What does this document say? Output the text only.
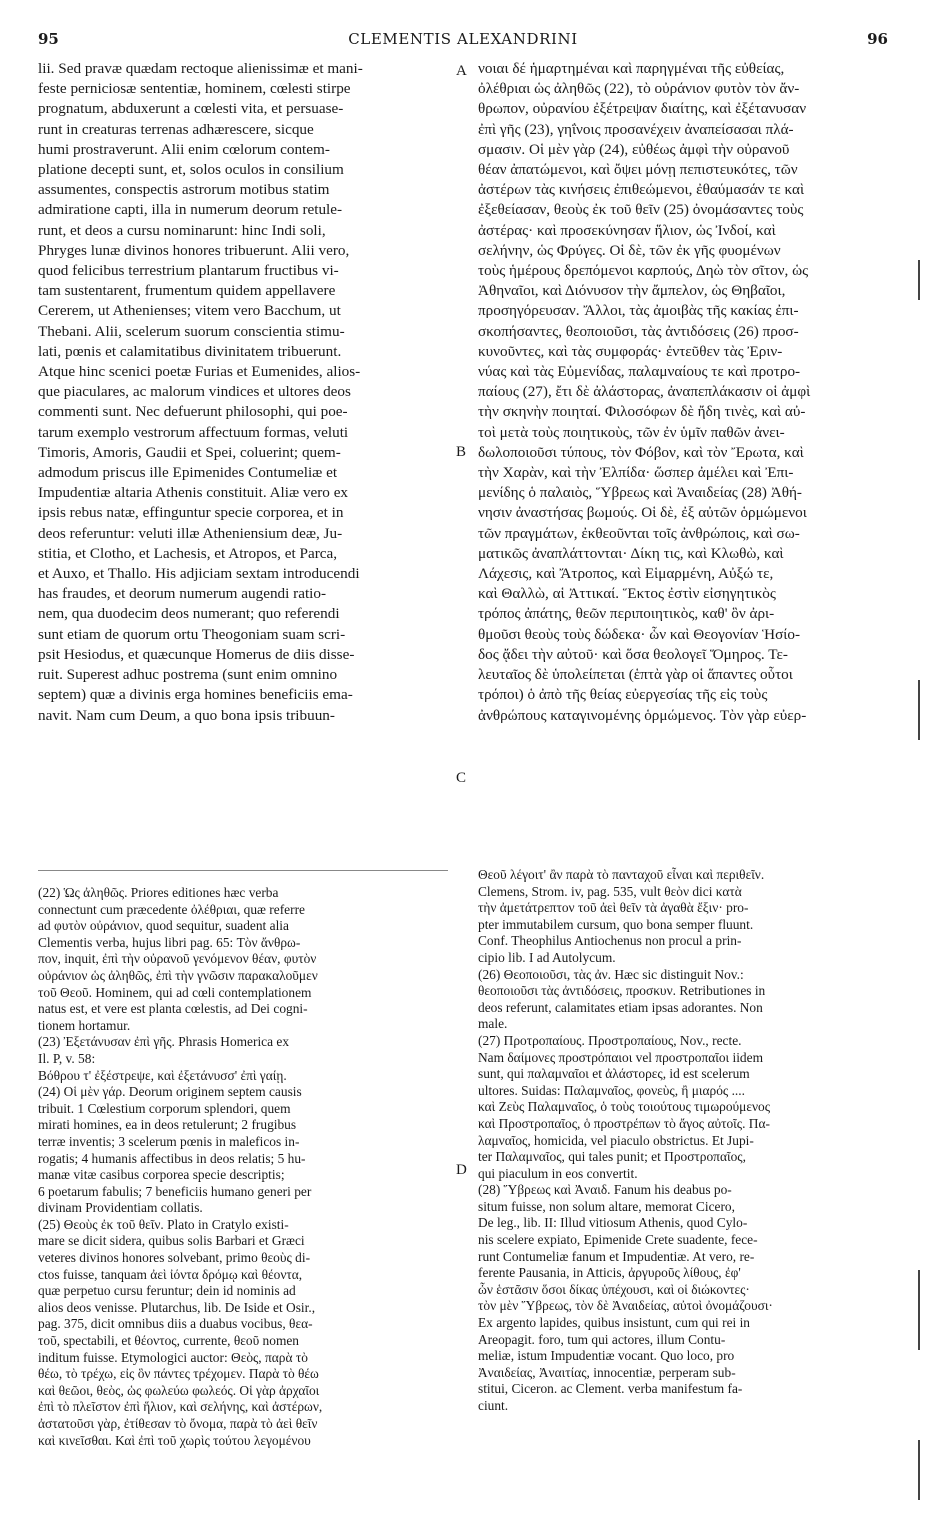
95	CLEMENTIS ALEXANDRINI	96
lii. Sed pravæ quædam rectoque alienissimæ et mani-
feste perniciosæ sententiæ, hominem, cœlesti stirpe
prognatum, abduxerunt a cœlesti vita, et persuase-
runt in creaturas terrenas adhærescere, sicque
humi prostraverunt. Alii enim cœlorum contem-
platione decepti sunt, et, solos oculos in consilium
assumentes, conspectis astrorum motibus statim
admiratione capti, illa in numerum deorum retule-
runt, et deos a cursu nominarunt: hinc Indi soli,
Phryges lunæ divinos honores tribuerunt. Alii vero,
quod felicibus terrestrium plantarum fructibus vi-
tam sustentarent, frumentum quidem appellavere
Cererem, ut Athenienses; vitem vero Bacchum, ut
Thebani. Alii, scelerum suorum conscientia stimu-
lati, pœnis et calamitatibus divinitatem tribuerunt.
Atque hinc scenici poetæ Furias et Eumenides, alios-
que piaculares, ac malorum vindices et ultores deos
commenti sunt. Nec defuerunt philosophi, qui poe-
tarum exemplo vestrorum affectuum formas, veluti
Timoris, Amoris, Gaudii et Spei, coluerint; quem-
admodum priscus ille Epimenides Contumeliæ et
Impudentiæ altaria Athenis constituit. Aliæ vero ex
ipsis rebus natæ, effinguntur specie corporea, et in
deos referuntur: veluti illæ Atheniensium deæ, Ju-
stitia, et Clotho, et Lachesis, et Atropos, et Parca,
et Auxo, et Thallo. His adjiciam sextam introducendi
has fraudes, et deorum numerum augendi ratio-
nem, qua duodecim deos numerant; quo referendi
sunt etiam de quorum ortu Theogoniam suam scri-
psit Hesiodus, et quæcunque Homerus de diis disse-
ruit. Superest adhuc postrema (sunt enim omnino
septem) quæ a divinis erga homines beneficiis ema-
navit. Nam cum Deum, a quo bona ipsis tribuun-
νοιαι δέ ἡμαρτημέναι καὶ παρηγμέναι τῆς εὐθείας,
ὀλέθριαι ὡς ἀληθῶς (22), τὸ οὐράνιον φυτὸν τὸν ἄν-
θρωπον, οὐρανίου ἐξέτρεψαν διαίτης, καὶ ἐξέτανυσαν
ἐπὶ γῆς (23), γηΐνοις προσανέχειν ἀναπείσασαι πλά-
σμασιν. Οἱ μὲν γὰρ (24), εὐθέως ἀμφὶ τὴν οὐρανοῦ
θέαν ἀπατώμενοι, καὶ ὄψει μόνῃ πεπιστευκότες, τῶν
ἀστέρων τὰς κινήσεις ἐπιθεώμενοι, ἐθαύμασάν τε καὶ
ἐξεθείασαν, θεοὺς ἐκ τοῦ θεῖν (25) ὀνομάσαντες τοὺς
ἀστέρας· καὶ προσεκύνησαν ἥλιον, ὡς Ἰνδοί, καὶ
σελήνην, ὡς Φρύγες. Οἱ δὲ, τῶν ἐκ γῆς φυομένων
τοὺς ἡμέρους δρεπόμενοι καρπούς, Δηὼ τὸν σῖτον, ὡς
Ἀθηναῖοι, καὶ Διόνυσον τὴν ἄμπελον, ὡς Θηβαῖοι,
προσηγόρευσαν. Ἄλλοι, τὰς ἀμοιβὰς τῆς κακίας ἐπι-
σκοπήσαντες, θεοποιοῦσι, τὰς ἀντιδόσεις (26) προσ-
κυνοῦντες, καὶ τὰς συμφοράς· ἐντεῦθεν τὰς Ἐριν-
νύας καὶ τὰς Εὐμενίδας, παλαμναίους τε καὶ προτρο-
παίους (27), ἔτι δὲ ἀλάστορας, ἀναπεπλάκασιν οἱ ἀμφὶ
τὴν σκηνὴν ποιηταί. Φιλοσόφων δὲ ἤδη τινὲς, καὶ αὐ-
τοὶ μετὰ τοὺς ποιητικοὺς, τῶν ἐν ὑμῖν παθῶν ἀνει-
δωλοποιοῦσι τύπους, τὸν Φόβον, καὶ τὸν Ἔρωτα, καὶ
τὴν Χαρὰν, καὶ τὴν Ἐλπίδα· ὥσπερ ἀμέλει καὶ Ἐπι-
μενίδης ὁ παλαιὸς, Ὕβρεως καὶ Ἀναιδείας (28) Ἀθή-
νησιν ἀναστήσας βωμούς. Οἱ δὲ, ἐξ αὐτῶν ὁρμώμενοι
τῶν πραγμάτων, ἐκθεοῦνται τοῖς ἀνθρώποις, καὶ σω-
ματικῶς ἀναπλάττονται· Δίκη τις, καὶ Κλωθὼ, καὶ
Λάχεσις, καὶ Ἄτροπος, καὶ Εἱμαρμένη, Αὐξώ τε,
καὶ Θαλλὼ, αἱ Ἀττικαί. Ἕκτος ἐστὶν εἰσηγητικὸς
τρόπος ἀπάτης, θεῶν περιποιητικὸς, καθ' ὃν ἀρι-
θμοῦσι θεοὺς τοὺς δώδεκα· ὧν καὶ Θεογονίαν Ἡσίο-
δος ᾄδει τὴν αὐτοῦ· καὶ ὅσα θεολογεῖ Ὅμηρος. Τε-
λευταῖος δὲ ὑπολείπεται (ἑπτὰ γὰρ οἱ ἅπαντες οὗτοι
τρόποι) ὁ ἀπὸ τῆς θείας εὐεργεσίας τῆς εἰς τοὺς
ἀνθρώπους καταγινομένης ὁρμώμενος. Τὸν γὰρ εὐερ-
A
B
C
D
(22) Ὡς ἀληθῶς. Priores editiones hæc verba
connectunt cum præcedente ὀλέθριαι, quæ referre
ad φυτὸν οὐράνιον, quod sequitur, suadent alia
Clementis verba, hujus libri pag. 65: Τὸν ἄνθρω-
πον, inquit, ἐπὶ τὴν οὐρανοῦ γενόμενον θέαν, φυτὸν
οὐράνιον ὡς ἀληθῶς, ἐπὶ τὴν γνῶσιν παρακαλοῦμεν
τοῦ Θεοῦ. Hominem, qui ad cœli contemplationem
natus est, et vere est planta cœlestis, ad Dei cogni-
tionem hortamur.
(23) Ἐξετάνυσαν ἐπὶ γῆς. Phrasis Homerica ex
Il. P, v. 58:
Βόθρου τ' ἐξέστρεψε, καὶ ἐξετάνυσσ' ἐπὶ γαίῃ.
(24) Οἱ μὲν γάρ. Deorum originem septem causis
tribuit. 1 Cœlestium corporum splendori, quem
mirati homines, ea in deos retulerunt; 2 frugibus
terræ inventis; 3 scelerum pœnis in maleficos in-
rogatis; 4 humanis affectibus in deos relatis; 5 hu-
manæ vitæ casibus corporea specie descriptis;
6 poetarum fabulis; 7 beneficiis humano generi per
divinam Providentiam collatis.
(25) Θεοὺς ἐκ τοῦ θεῖν. Plato in Cratylo existi-
mare se dicit sidera, quibus solis Barbari et Græci
veteres divinos honores solvebant, primo θεοὺς di-
ctos fuisse, tanquam ἀεὶ ἰόντα δρόμῳ καὶ θέοντα,
quæ perpetuo cursu feruntur; dein id nominis ad
alios deos venisse. Plutarchus, lib. De Iside et Osir.,
pag. 375, dicit omnibus diis a duabus vocibus, θεα-
τοῦ, spectabili, et θέοντος, currente, θεοῦ nomen
inditum fuisse. Etymologici auctor: Θεὸς, παρὰ τὸ
θέω, τὸ τρέχω, εἰς ὃν πάντες τρέχομεν. Παρὰ τὸ θέω
καὶ θεῶοι, θεὸς, ὡς φωλεύω φωλεός. Οἱ γὰρ ἀρχαῖοι
ἐπὶ τὸ πλεῖστον ἐπὶ ἥλιον, καὶ σελήνης, καὶ ἀστέρων,
ἀστατοῦσι γὰρ, ἐτίθεσαν τὸ ὄνομα, παρὰ τὸ ἀεὶ θεῖν
καὶ κινεῖσθαι. Καὶ ἐπὶ τοῦ χωρὶς τούτου λεγομένου
Θεοῦ λέγοιτ' ἂν παρὰ τὸ πανταχοῦ εἶναι καὶ περιθεῖν.
Clemens, Strom. iv, pag. 535, vult θεὸν dici κατὰ
τὴν ἀμετάτρεπτον τοῦ ἀεὶ θεῖν τὰ ἀγαθὰ ἔξιν· pro-
pter immutabilem cursum, quo bona semper fluunt.
Conf. Theophilus Antiochenus non procul a prin-
cipio lib. I ad Autolycum.
(26) Θεοποιοῦσι, τὰς ἀν. Hæc sic distinguit Nov.:
θεοποιοῦσι τὰς ἀντιδόσεις, προσκυν. Retributiones in
deos referunt, calamitates etiam ipsas adorantes. Non
male.
(27) Προτροπαίους. Προστροπαίους, Nov., recte.
Nam δαίμονες προστρόπαιοι vel προστροπαῖοι iidem
sunt, qui παλαμναῖοι et ἀλάστορες, id est scelerum
ultores. Suidas: Παλαμναῖος, φονεὺς, ἢ μιαρός ....
καὶ Ζεὺς Παλαμναῖος, ὁ τοὺς τοιούτους τιμωρούμενος
καὶ Προστροπαῖος, ὁ προστρέπων τὸ ἄγος αὐτοῖς. Πα-
λαμναῖος, homicida, vel piaculo obstrictus. Et Jupi-
ter Παλαμναῖος, qui tales punit; et Προστροπαῖος,
qui piaculum in eos convertit.
(28) Ὕβρεως καὶ Ἀναιδ. Fanum his deabus po-
situm fuisse, non solum altare, memorat Cicero,
De leg., lib. II: Illud vitiosum Athenis, quod Cylo-
nis scelere expiato, Epimenide Crete suadente, fece-
runt Contumeliæ fanum et Impudentiæ. At vero, re-
ferente Pausania, in Atticis, ἀργυροῦς λίθους, ἐφ'
ὧν ἑστᾶσιν ὅσοι δίκας ὑπέχουσι, καὶ οἱ διώκοντες·
τὸν μὲν Ὕβρεως, τὸν δὲ Ἀναιδείας, αὐτοὶ ὀνομάζουσι·
Ex argento lapides, quibus insistunt, cum qui rei in
Areopagit. foro, tum qui actores, illum Contu-
meliæ, istum Impudentiæ vocant. Quo loco, pro
Ἀναιδείας, Ἀναιτίας, innocentiæ, perperam sub-
stitui, Ciceron. ac Clement. verba manifestum fa-
ciunt.
